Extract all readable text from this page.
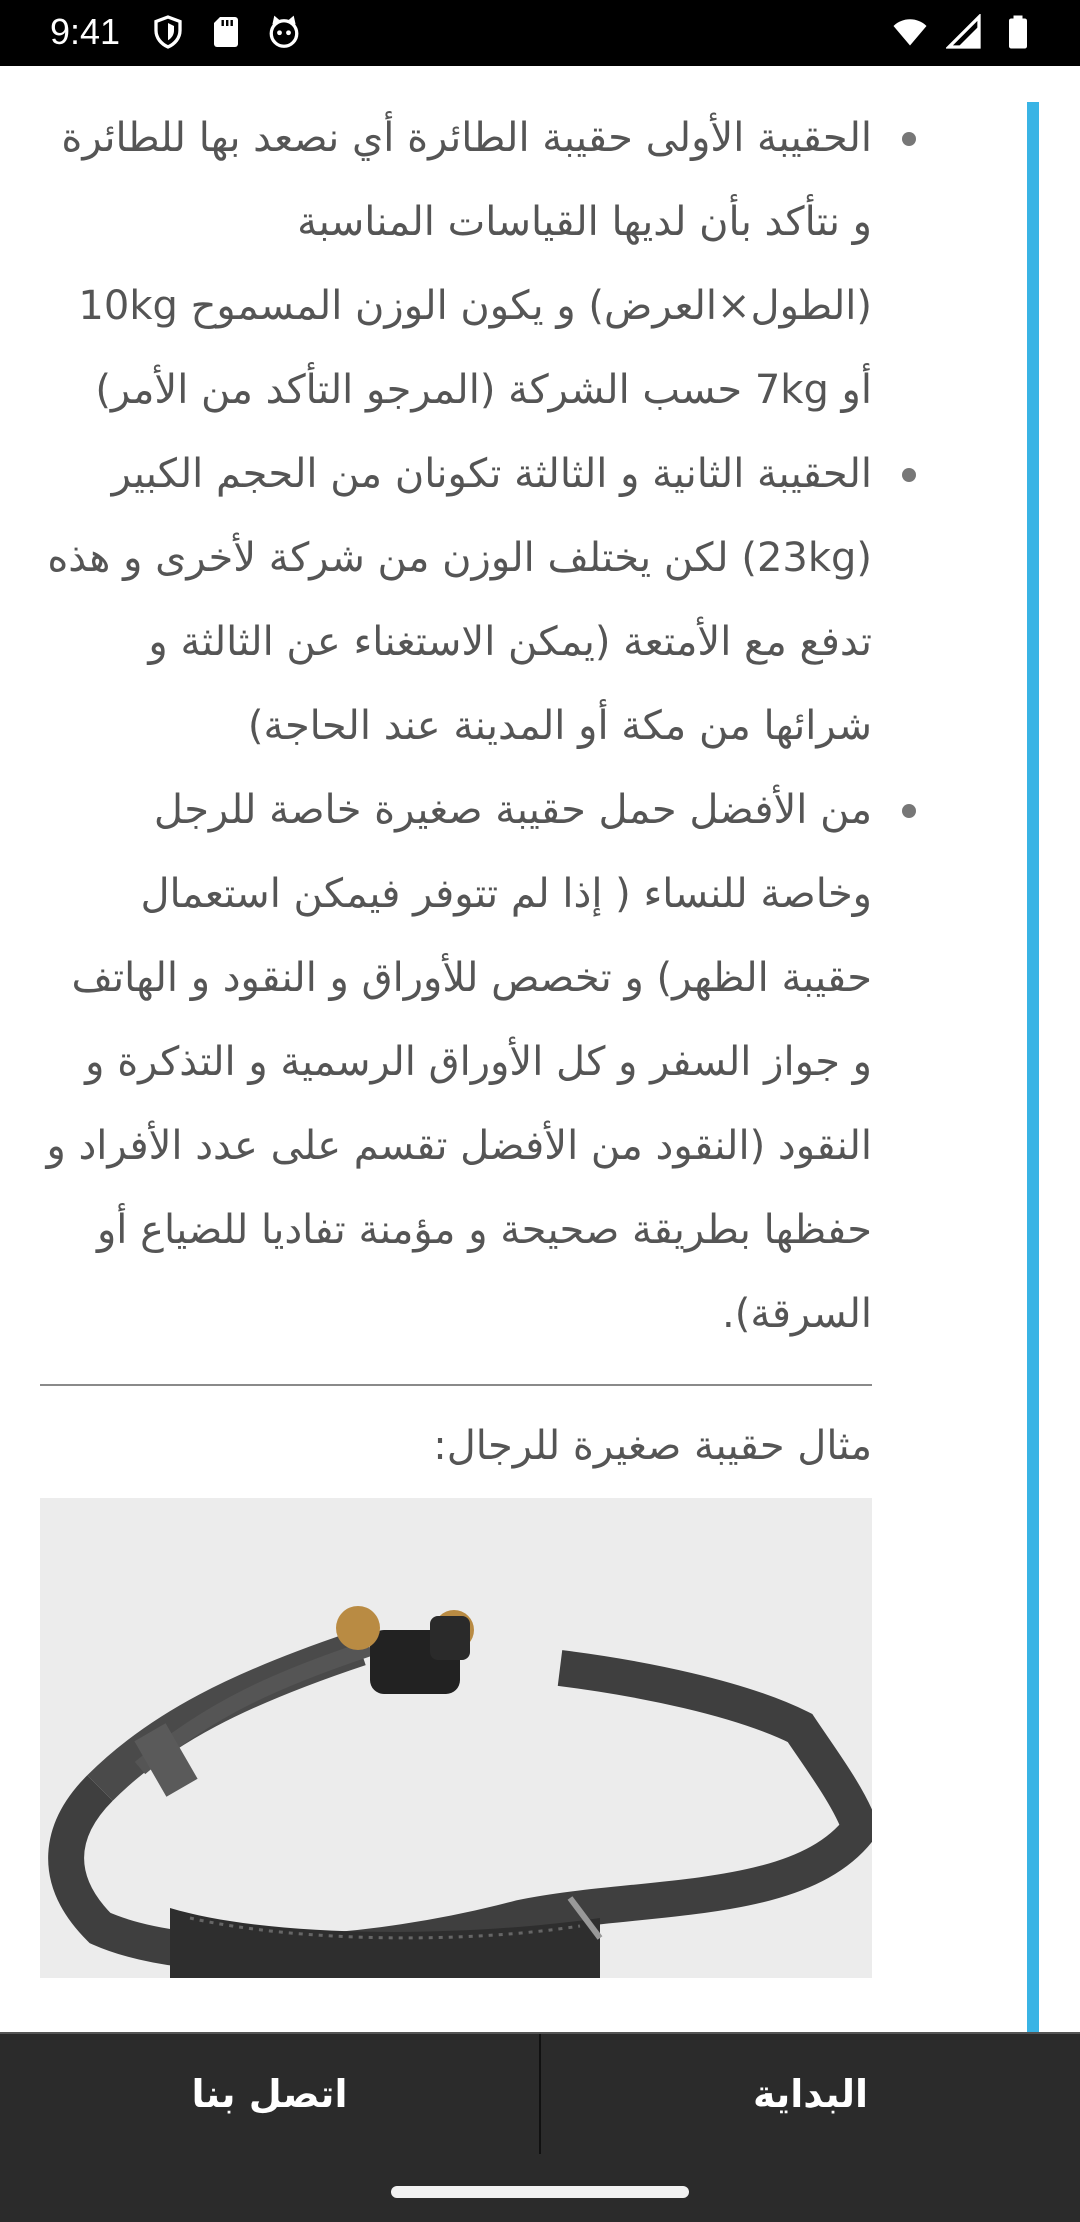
9:41
الحقيبة الأولى حقيبة الطائرة أي نصعد بها للطائرة و نتأكد بأن لديها القياسات المناسبة (الطول×العرض) و يكون الوزن المسموح 10kg أو 7kg حسب الشركة (المرجو التأكد من الأمر)
الحقيبة الثانية و الثالثة تكونان من الحجم الكبير (23kg) لكن يختلف الوزن من شركة لأخرى و هذه تدفع مع الأمتعة (يمكن الاستغناء عن الثالثة و شرائها من مكة أو المدينة عند الحاجة)
من الأفضل حمل حقيبة صغيرة خاصة للرجل وخاصة للنساء ( إذا لم تتوفر فيمكن استعمال حقيبة الظهر) و تخصص للأوراق و النقود و الهاتف و جواز السفر و كل الأوراق الرسمية و التذكرة و النقود (النقود من الأفضل تقسم على عدد الأفراد و حفظها بطريقة صحيحة و مؤمنة تفاديا للضياع أو السرقة).
مثال حقيبة صغيرة للرجال:
اتصل بنا	البداية
